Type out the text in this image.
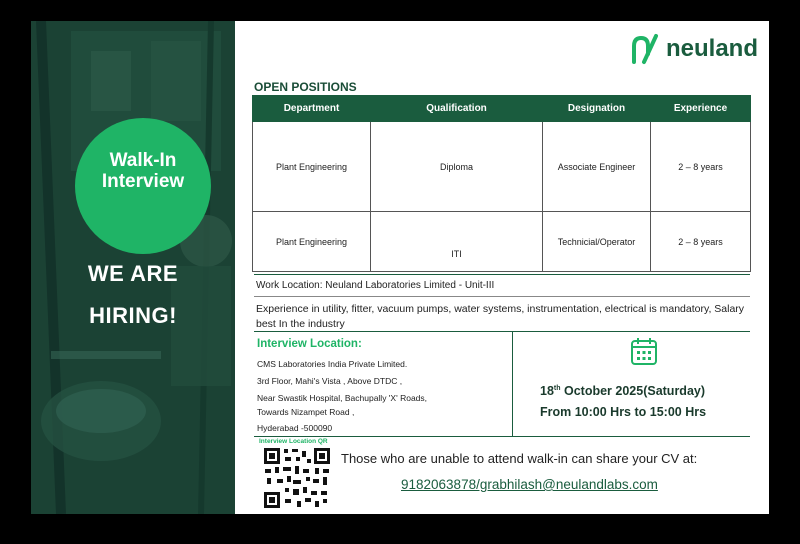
Walk-In
Interview
WE ARE
HIRING!
neuland
OPEN POSITIONS
Department	Qualification	Designation	Experience
Plant Engineering	Diploma	Associate Engineer	2 – 8 years
Plant Engineering	ITI	Technicial/Operator	2 – 8 years
Work Location: Neuland Laboratories Limited - Unit-III
Experience in utility, fitter, vacuum pumps, water systems, instrumentation, electrical is mandatory, Salary best In the industry
Interview Location:
CMS Laboratories India Private Limited.
3rd Floor, Mahi's Vista , Above DTDC ,
Near Swastik Hospital, Bachupally 'X' Roads,
Towards Nizampet Road ,
Hyderabad -500090
18th October 2025(Saturday)
From 10:00 Hrs to 15:00 Hrs
Interview Location QR
Those who are unable to attend walk-in can share your CV at:
9182063878/grabhilash@neulandlabs.com
